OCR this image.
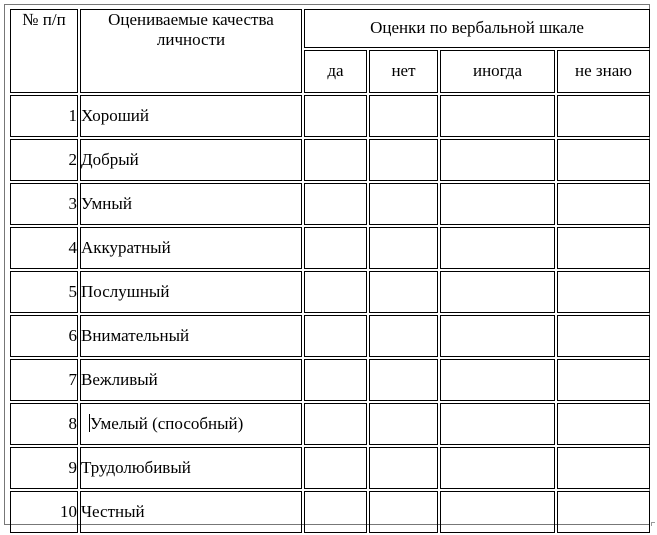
№ п/п	Оцениваемые качества личности	Оценки по вербальной шкале			
		да	нет	иногда	не знаю
1	Хороший				
2	Добрый				
3	Умный				
4	Аккуратный				
5	Послушный				
6	Внимательный				
7	Вежливый				
8	Умелый (способный)				
9	Трудолюбивый				
10	Честный				
